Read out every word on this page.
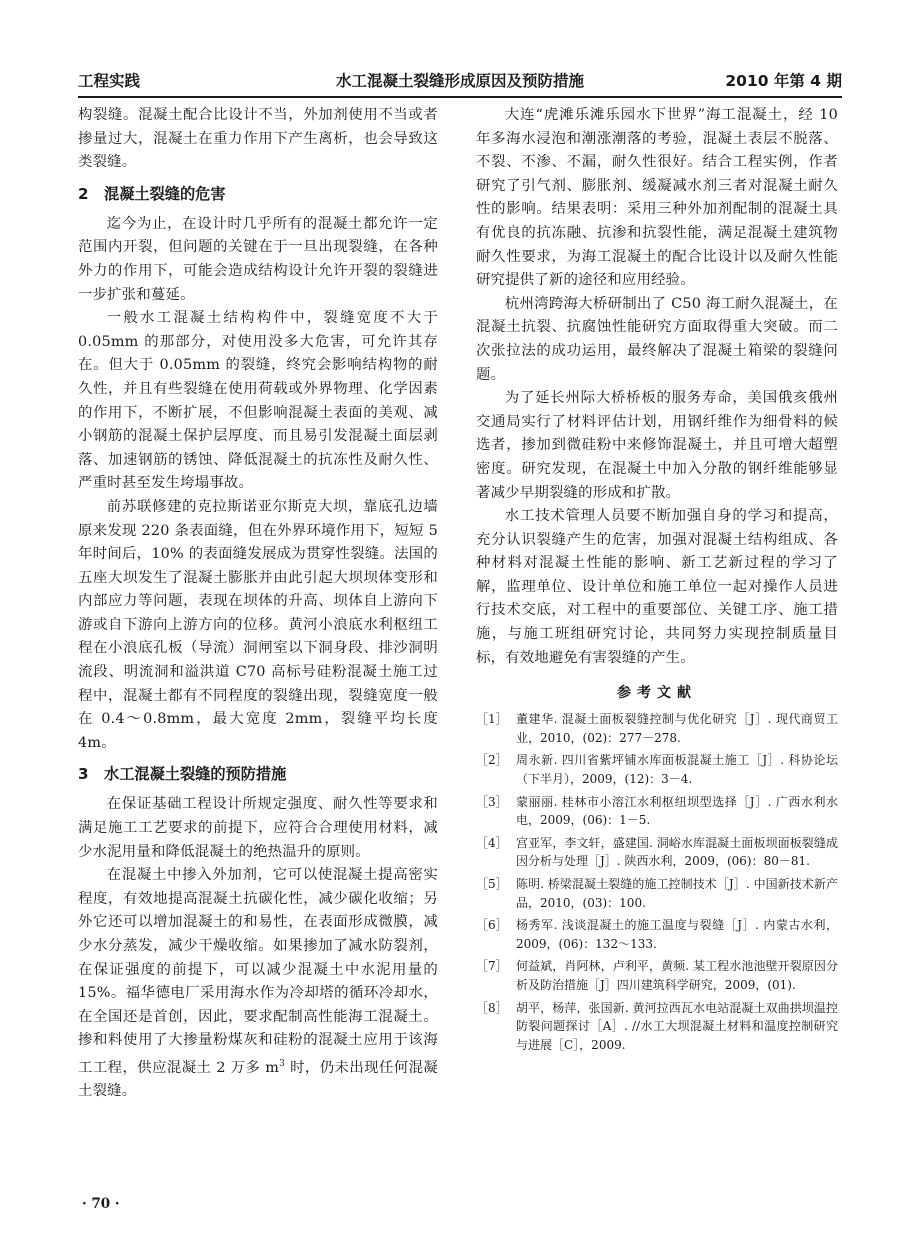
工程实践	水工混凝土裂缝形成原因及预防措施	2010 年第 4 期

构裂缝。混凝土配合比设计不当，外加剂使用不当或者掺量过大，混凝土在重力作用下产生离析，也会导致这类裂缝。

2 混凝土裂缝的危害

迄今为止，在设计时几乎所有的混凝土都允许一定范围内开裂，但问题的关键在于一旦出现裂缝，在各种外力的作用下，可能会造成结构设计允许开裂的裂缝进一步扩张和蔓延。

一般水工混凝土结构构件中，裂缝宽度不大于 0.05mm 的那部分，对使用没多大危害，可允许其存在。但大于 0.05mm 的裂缝，终究会影响结构物的耐久性，并且有些裂缝在使用荷载或外界物理、化学因素的作用下，不断扩展，不但影响混凝土表面的美观、减小钢筋的混凝土保护层厚度、而且易引发混凝土面层剥落、加速钢筋的锈蚀、降低混凝土的抗冻性及耐久性、严重时甚至发生垮塌事故。

前苏联修建的克拉斯诺亚尔斯克大坝，靠底孔边墙原来发现 220 条表面缝，但在外界环境作用下，短短 5 年时间后，10% 的表面缝发展成为贯穿性裂缝。法国的五座大坝发生了混凝土膨胀并由此引起大坝坝体变形和内部应力等问题，表现在坝体的升高、坝体自上游向下游或自下游向上游方向的位移。黄河小浪底水利枢纽工程在小浪底孔板（导流）洞闸室以下洞身段、排沙洞明流段、明流洞和溢洪道 C70 高标号硅粉混凝土施工过程中，混凝土都有不同程度的裂缝出现，裂缝宽度一般在 0.4～0.8mm，最大宽度 2mm，裂缝平均长度 4m。

3 水工混凝土裂缝的预防措施

在保证基础工程设计所规定强度、耐久性等要求和满足施工工艺要求的前提下，应符合合理使用材料，减少水泥用量和降低混凝土的绝热温升的原则。

在混凝土中掺入外加剂，它可以使混凝土提高密实程度，有效地提高混凝土抗碳化性，减少碳化收缩；另外它还可以增加混凝土的和易性，在表面形成微膜，减少水分蒸发，减少干燥收缩。如果掺加了减水防裂剂，在保证强度的前提下，可以减少混凝土中水泥用量的 15%。福华德电厂采用海水作为冷却塔的循环冷却水，在全国还是首创，因此，要求配制高性能海工混凝土。掺和料使用了大掺量粉煤灰和硅粉的混凝土应用于该海工工程，供应混凝土 2 万多 $m^3$ 时，仍未出现任何混凝土裂缝。

大连“虎滩乐滩乐园水下世界”海工混凝土，经 10 年多海水浸泡和潮涨潮落的考验，混凝土表层不脱落、不裂、不渗、不漏，耐久性很好。结合工程实例，作者研究了引气剂、膨胀剂、缓凝减水剂三者对混凝土耐久性的影响。结果表明：采用三种外加剂配制的混凝土具有优良的抗冻融、抗渗和抗裂性能，满足混凝土建筑物耐久性要求，为海工混凝土的配合比设计以及耐久性能研究提供了新的途径和应用经验。

杭州湾跨海大桥研制出了 C50 海工耐久混凝土，在混凝土抗裂、抗腐蚀性能研究方面取得重大突破。而二次张拉法的成功运用，最终解决了混凝土箱梁的裂缝问题。

为了延长州际大桥桥板的服务寿命，美国俄亥俄州交通局实行了材料评估计划，用钢纤维作为细骨料的候选者，掺加到微硅粉中来修饰混凝土，并且可增大超塑密度。研究发现，在混凝土中加入分散的钢纤维能够显著减少早期裂缝的形成和扩散。

水工技术管理人员要不断加强自身的学习和提高，充分认识裂缝产生的危害，加强对混凝土结构组成、各种材料对混凝土性能的影响、新工艺新过程的学习了解，监理单位、设计单位和施工单位一起对操作人员进行技术交底，对工程中的重要部位、关键工序、施工措施，与施工班组研究讨论，共同努力实现控制质量目标，有效地避免有害裂缝的产生。

参考文献
［1］ 董建华. 混凝土面板裂缝控制与优化研究［J］. 现代商贸工业，2010，(02)：277－278.
［2］ 周永新. 四川省紫坪铺水库面板混凝土施工［J］. 科协论坛（下半月），2009，(12)：3－4.
［3］ 蒙丽丽. 桂林市小溶江水利枢纽坝型选择［J］. 广西水利水电，2009，(06)：1－5.
［4］ 宫亚军，李文轩，盛建国. 洞峪水库混凝土面板坝面板裂缝成因分析与处理［J］. 陕西水利，2009，(06)：80－81.
［5］ 陈明. 桥梁混凝土裂缝的施工控制技术［J］. 中国新技术新产品，2010，(03)：100.
［6］ 杨秀军. 浅谈混凝土的施工温度与裂缝［J］. 内蒙古水利，2009，(06)：132～133.
［7］ 何益斌，肖阿林，卢利平，黄频. 某工程水池池壁开裂原因分析及防治措施［J］四川建筑科学研究，2009，(01).
［8］ 胡平，杨萍，张国新. 黄河拉西瓦水电站混凝土双曲拱坝温控防裂问题探讨［A］. //水工大坝混凝土材料和温度控制研究与进展［C］，2009.
· 70 ·
